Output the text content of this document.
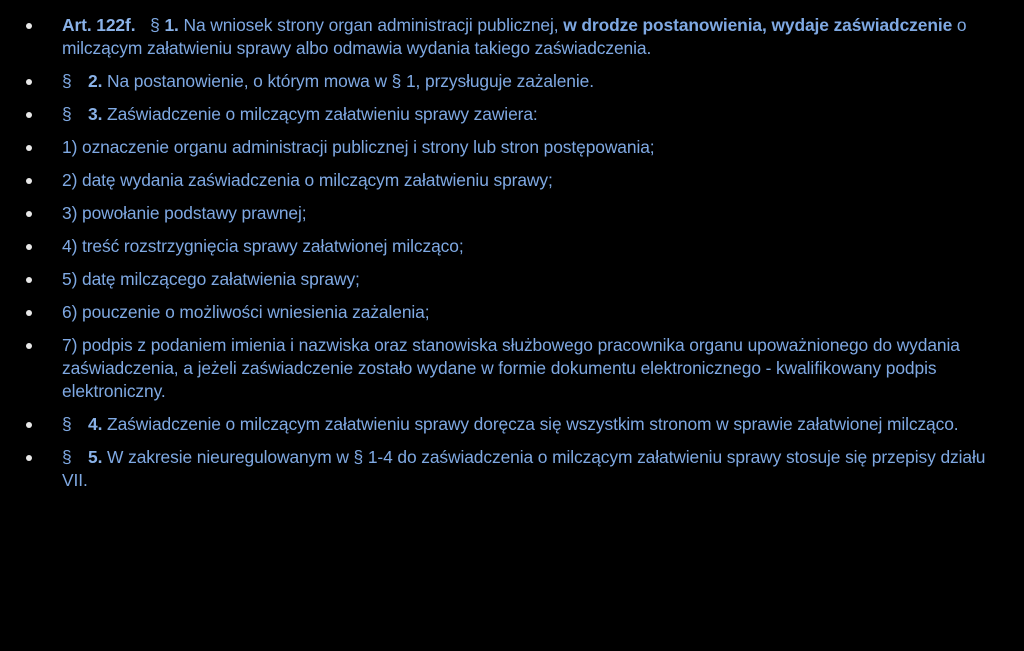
Art. 122f. § 1. Na wniosek strony organ administracji publicznej, w drodze postanowienia, wydaje zaświadczenie o milczącym załatwieniu sprawy albo odmawia wydania takiego zaświadczenia.
§ 2. Na postanowienie, o którym mowa w § 1, przysługuje zażalenie.
§ 3. Zaświadczenie o milczącym załatwieniu sprawy zawiera:
1) oznaczenie organu administracji publicznej i strony lub stron postępowania;
2) datę wydania zaświadczenia o milczącym załatwieniu sprawy;
3) powołanie podstawy prawnej;
4) treść rozstrzygnięcia sprawy załatwionej milcząco;
5) datę milczącego załatwienia sprawy;
6) pouczenie o możliwości wniesienia zażalenia;
7) podpis z podaniem imienia i nazwiska oraz stanowiska służbowego pracownika organu upoważnionego do wydania zaświadczenia, a jeżeli zaświadczenie zostało wydane w formie dokumentu elektronicznego - kwalifikowany podpis elektroniczny.
§ 4. Zaświadczenie o milczącym załatwieniu sprawy doręcza się wszystkim stronom w sprawie załatwionej milcząco.
§ 5. W zakresie nieuregulowanym w § 1-4 do zaświadczenia o milczącym załatwieniu sprawy stosuje się przepisy działu VII.
